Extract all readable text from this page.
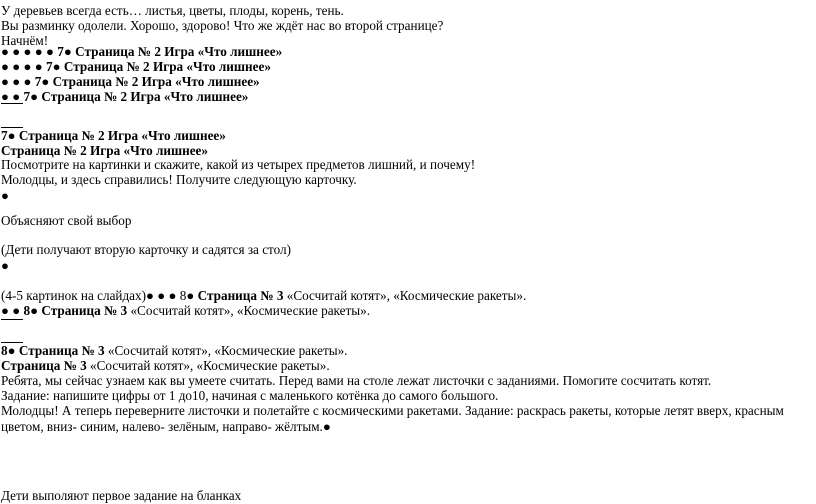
У деревьев всегда есть… листья, цветы, плоды, корень, тень.
Вы разминку одолели. Хорошо, здорово! Что же ждёт нас во второй странице?
Начнём!
● ● ● ● ● 7● Страница № 2 Игра «Что лишнее»
● ● ● ● 7● Страница № 2 Игра «Что лишнее»
● ● ● 7● Страница № 2 Игра «Что лишнее»
● ● 7● Страница № 2 Игра «Что лишнее»
7● Страница № 2 Игра «Что лишнее»
Страница № 2 Игра «Что лишнее»
Посмотрите на картинки и скажите, какой из четырех предметов лишний, и почему!
Молодцы, и здесь справились! Получите следующую карточку.
●
Объясняют свой выбор
(Дети получают вторую карточку и садятся за стол)
●
(4-5 картинок на слайдах)● ● ● 8● Страница № 3 «Сосчитай котят», «Космические ракеты».
● ● 8● Страница № 3 «Сосчитай котят», «Космические ракеты».
8● Страница № 3 «Сосчитай котят», «Космические ракеты».
Страница № 3 «Сосчитай котят», «Космические ракеты».
Ребята, мы сейчас узнаем как вы умеете считать. Перед вами на столе лежат листочки с заданиями. Помогите сосчитать котят.
Задание: напишите цифры от 1 до10, начиная с маленького котёнка до самого большого.
Молодцы! А теперь переверните листочки и полетайте с космическими ракетами. Задание: раскрась ракеты, которые летят вверх, красным цветом, вниз- синим, налево- зелёным, направо- жёлтым.●
Дети выполяют первое задание на бланках
